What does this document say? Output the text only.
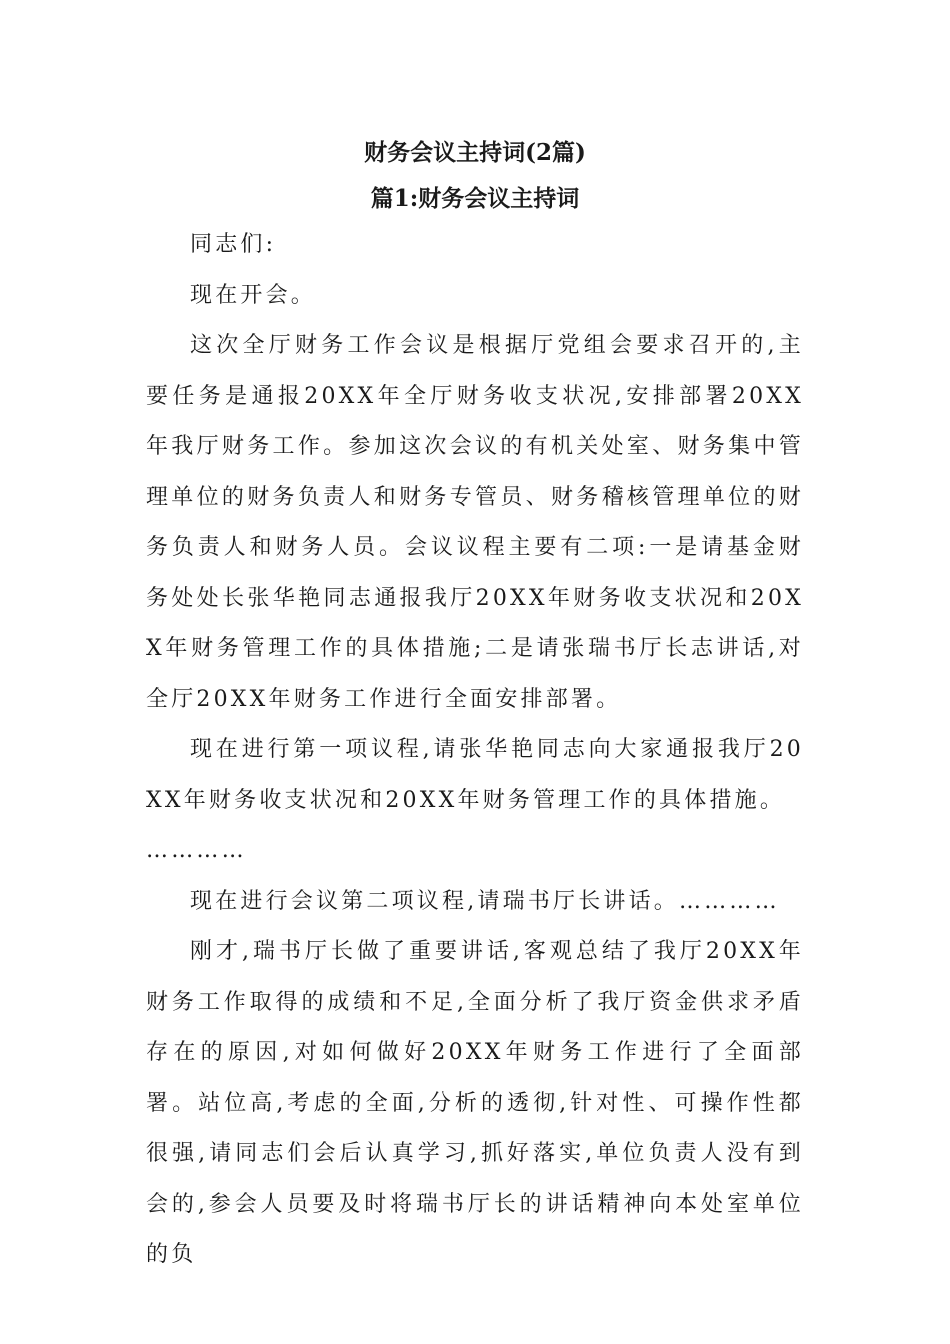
财务会议主持词(2篇)
篇1:财务会议主持词

同志们:

现在开会。

这次全厅财务工作会议是根据厅党组会要求召开的,主要任务是通报20XX年全厅财务收支状况,安排部署20XX年我厅财务工作。参加这次会议的有机关处室、财务集中管理单位的财务负责人和财务专管员、财务稽核管理单位的财务负责人和财务人员。会议议程主要有二项:一是请基金财务处处长张华艳同志通报我厅20XX年财务收支状况和20XX年财务管理工作的具体措施;二是请张瑞书厅长志讲话,对全厅20XX年财务工作进行全面安排部署。

现在进行第一项议程,请张华艳同志向大家通报我厅20XX年财务收支状况和20XX年财务管理工作的具体措施。

…………

现在进行会议第二项议程,请瑞书厅长讲话。…………

刚才,瑞书厅长做了重要讲话,客观总结了我厅20XX年财务工作取得的成绩和不足,全面分析了我厅资金供求矛盾存在的原因,对如何做好20XX年财务工作进行了全面部署。站位高,考虑的全面,分析的透彻,针对性、可操作性都很强,请同志们会后认真学习,抓好落实,单位负责人没有到会的,参会人员要及时将瑞书厅长的讲话精神向本处室单位的负
